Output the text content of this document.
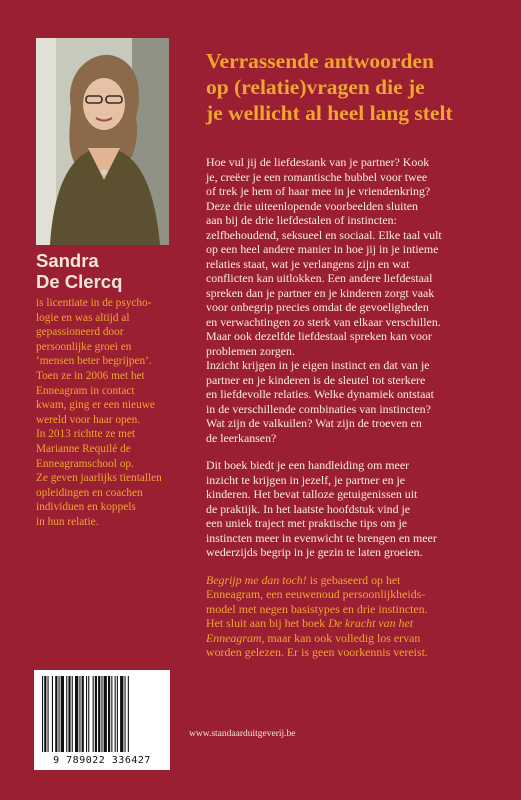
Sandra
De Clercq
is licentiate in de psycho-
logie en was altijd al
gepassioneerd door
persoonlijke groei en
‘mensen beter begrijpen’.
Toen ze in 2006 met het
Enneagram in contact
kwam, ging er een nieuwe
wereld voor haar open.
In 2013 richtte ze met
Marianne Requilé de
Enneagramschool op.
Ze geven jaarlijks tientallen
opleidingen en coachen
individuen en koppels
in hun relatie.
Verrassende antwoorden
op (relatie)vragen die je
je wellicht al heel lang stelt

Hoe vul jij de liefdestank van je partner? Kook
je, creëer je een romantische bubbel voor twee
of trek je hem of haar mee in je vriendenkring?
Deze drie uiteenlopende voorbeelden sluiten
aan bij de drie liefdestalen of instincten:
zelfbehoudend, seksueel en sociaal. Elke taal vult
op een heel andere manier in hoe jij in je intieme
relaties staat, wat je verlangens zijn en wat
conflicten kan uitlokken. Een andere liefdestaal
spreken dan je partner en je kinderen zorgt vaak
voor onbegrip precies omdat de gevoeligheden
en verwachtingen zo sterk van elkaar verschillen.
Maar ook dezelfde liefdestaal spreken kan voor
problemen zorgen.

Inzicht krijgen in je eigen instinct en dat van je
partner en je kinderen is de sleutel tot sterkere
en liefdevolle relaties. Welke dynamiek ontstaat
in de verschillende combinaties van instincten?
Wat zijn de valkuilen? Wat zijn de troeven en
de leerkansen?

Dit boek biedt je een handleiding om meer
inzicht te krijgen in jezelf, je partner en je
kinderen. Het bevat talloze getuigenissen uit
de praktijk. In het laatste hoofdstuk vind je
een uniek traject met praktische tips om je
instincten meer in evenwicht te brengen en meer
wederzijds begrip in je gezin te laten groeien.

Begrijp me dan toch! is gebaseerd op het
Enneagram, een eeuwenoud persoonlijkheids-
model met negen basistypes en drie instincten.
Het sluit aan bij het boek De kracht van het
Enneagram, maar kan ook volledig los ervan
worden gelezen. Er is geen voorkennis vereist.

9 789022 336427
www.standaarduitgeverij.be
